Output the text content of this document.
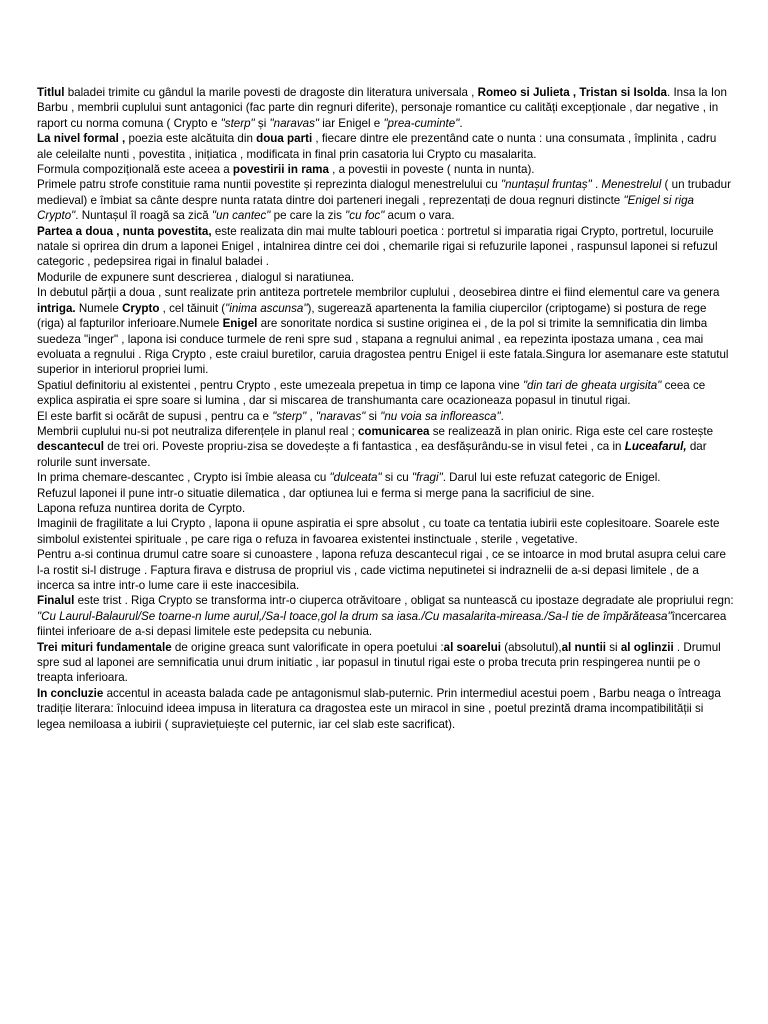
Titlul baladei trimite cu gândul la marile povesti de dragoste din literatura universala , Romeo si Julieta , Tristan si Isolda. Insa la Ion Barbu , membrii cuplului sunt antagonici (fac parte din regnuri diferite), personaje romantice cu calități excepționale , dar negative , in raport cu norma comuna ( Crypto e "sterp" și "naravas" iar Enigel e "prea-cuminte".

La nivel formal , poezia este alcătuita din doua parti , fiecare dintre ele prezentând cate o nunta : una consumata , împlinita , cadru ale celeilalte nunti , povestita , inițiatica , modificata in final prin casatoria lui Crypto cu masalarita.

Formula compozițională este aceea a povestirii in rama , a povestii in poveste ( nunta in nunta).

Primele patru strofe constituie rama nuntii povestite și reprezinta dialogul menestrelului cu "nuntașul fruntaș" . Menestrelul ( un trubadur medieval) e îmbiat sa cânte despre nunta ratata dintre doi parteneri inegali , reprezentați de doua regnuri distincte "Enigel si riga Crypto". Nuntașul îl roagă sa zică "un cantec" pe care la zis "cu foc" acum o vara.

Partea a doua , nunta povestita, este realizata din mai multe tablouri poetica : portretul si imparatia rigai Crypto, portretul, locuruile natale si oprirea din drum a laponei Enigel , intalnirea dintre cei doi , chemarile rigai si refuzurile laponei , raspunsul laponei si refuzul categoric , pedepsirea rigai in finalul baladei .

Modurile de expunere sunt descrierea , dialogul si naratiunea.

In debutul părții a doua , sunt realizate prin antiteza portretele membrilor cuplului , deosebirea dintre ei fiind elementul care va genera intriga. Numele Crypto , cel tăinuit ("inima ascunsa"), sugerează apartenenta la familia ciupercilor (criptogame) si postura de rege (riga) al fapturilor inferioare.Numele Enigel are sonoritate nordica si sustine originea ei , de la pol si trimite la semnificatia din limba suedeza "inger" , lapona isi conduce turmele de reni spre sud , stapana a regnului animal , ea repezinta ipostaza umana , cea mai evoluata a regnului . Riga Crypto , este craiul buretilor, caruia dragostea pentru Enigel ii este fatala.Singura lor asemanare este statutul superior in interiorul propriei lumi.

Spatiul definitoriu al existentei , pentru Crypto , este umezeala prepetua in timp ce lapona vine "din tari de gheata urgisita" ceea ce explica aspiratia ei spre soare si lumina , dar si miscarea de transhumanta care ocazioneaza popasul in tinutul rigai.

El este barfit si ocărât de supusi , pentru ca e "sterp" , "naravas" si "nu voia sa infloreasca".

Membrii cuplului nu-si pot neutraliza diferențele in planul real ; comunicarea se realizează in plan oniric. Riga este cel care rostește descantecul de trei ori. Poveste propriu-zisa se dovedește a fi fantastica , ea desfășurându-se in visul fetei , ca in Luceafarul, dar rolurile sunt inversate.

In prima chemare-descantec , Crypto isi îmbie aleasa cu "dulceata" si cu "fragi". Darul lui este refuzat categoric de Enigel.

Refuzul laponei il pune intr-o situatie dilematica , dar optiunea lui e ferma si merge pana la sacrificiul de sine.

Lapona refuza nuntirea dorita de Cyrpto.

Imaginii de fragilitate a lui Crypto , lapona ii opune aspiratia ei spre absolut , cu toate ca tentatia iubirii este coplesitoare. Soarele este simbolul existentei spirituale , pe care riga o refuza in favoarea existentei instinctuale , sterile , vegetative.

Pentru a-si continua drumul catre soare si cunoastere , lapona refuza descantecul rigai , ce se intoarce in mod brutal asupra celui care l-a rostit si-l distruge . Faptura firava e distrusa de propriul vis , cade victima neputinetei si indraznelii de a-si depasi limitele , de a incerca sa intre intr-o lume care ii este inaccesibila.

Finalul este trist . Riga Crypto se transforma intr-o ciuperca otrăvitoare , obligat sa nuntească cu ipostaze degradate ale propriului regn: "Cu Laurul-Balaurul/Se toarne-n lume aurul,/Sa-l toace,gol la drum sa iasa./Cu masalarita-mireasa./Sa-l tie de împărăteasa"încercarea fiintei inferioare de a-si depasi limitele este pedepsita cu nebunia.

Trei mituri fundamentale de origine greaca sunt valorificate in opera poetului :al soarelui (absolutul),al nuntii si al oglinzii . Drumul spre sud al laponei are semnificatia unui drum initiatic , iar popasul in tinutul rigai este o proba trecuta prin respingerea nuntii pe o treapta inferioara.

In concluzie accentul in aceasta balada cade pe antagonismul slab-puternic. Prin intermediul acestui poem , Barbu neaga o întreaga tradiție literara: înlocuind ideea impusa in literatura ca dragostea este un miracol in sine , poetul prezintă drama incompatibilității si legea nemiloasa a iubirii ( supraviețuiește cel puternic, iar cel slab este sacrificat).
